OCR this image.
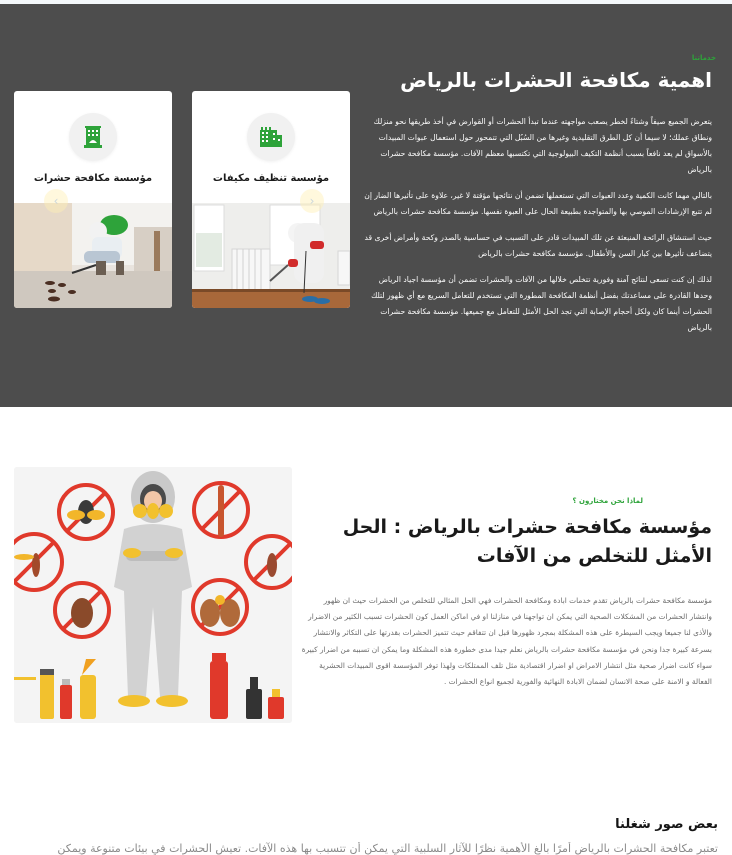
خدماتنا
اهمية مكافحة الحشرات بالرياض

يتعرض الجميع صيفاً وشتاءً لخطر يصعب مواجهته عندما تبدأ الحشرات أو القوارض في أخذ طريقها نحو منزلك ونطاق عملك؛ لا سيما أن كل الطرق التقليدية وغيرها من السُبُل التي تتمحور حول استعمال عبوات المبيدات بالأسواق لم يعد نافعاً بسبب أنظمة التكيف البيولوجية التي تكتسبها معظم الآفات. مؤسسة مكافحة حشرات بالرياض

بالتالي مهما كانت الكمية وعدد العبوات التي تستعملها تضمن أن نتائجها مؤقتة لا غير، علاوة على تأثيرها الضار إن لم تتبع الإرشادات الموصي بها والمتواجدة بطبيعة الحال على العبوة نفسها. مؤسسة مكافحة حشرات بالرياض

حيث استنشاق الرائحة المنبعثة عن تلك المبيدات قادر على التسبب في حساسية بالصدر وكحة وأمراض أخرى قد يتضاعف تأثيرها بين كبار السن والأطفال. مؤسسة مكافحة حشرات بالرياض

لذلك إن كنت تسعى لنتائج آمنة وفورية تتخلص خلالها من الآفات والحشرات تضمن أن مؤسسة اجياد الرياض وحدها القادرة على مساعدتك بفضل أنظمة المكافحة المطورة التي تستخدم للتعامل السريع مع أي ظهور لتلك الحشرات أينما كان ولكل أحجام الإصابة التي تجد الحل الأمثل للتعامل مع جميعها. مؤسسة مكافحة حشرات بالرياض

مؤسسة مكافحة حشرات
‹
مؤسسة تنظيف مكيفات
›
لماذا نحن مختارون ؟
مؤسسة مكافحة حشرات بالرياض : الحل الأمثل للتخلص من الآفات

مؤسسة مكافحة حشرات بالرياض تقدم خدمات ابادة ومكافحة الحشرات فهي الحل المثالي للتخلص من الحشرات حيث ان ظهور وانتشار الحشرات من المشكلات الصحية التي يمكن ان تواجهنا في منازلنا او في اماكن العمل كون الحشرات تسبب الكثير من الاضرار والأذى لنا جميعا ويجب السيطرة على هذه المشكلة بمجرد ظهورها قبل ان تتفاقم حيث تتميز الحشرات بقدرتها على التكاثر والانتشار بسرعة كبيرة جدا ونحن في مؤسسة مكافحة حشرات بالرياض نعلم جيدا مدى خطورة هذه المشكلة وما يمكن ان تسببه من اضرار كبيرة سواء كانت اضرار صحية مثل انتشار الامراض او اضرار اقتصادية مثل تلف الممتلكات ولهذا توفر المؤسسة اقوى المبيدات الحشرية الفعالة و الامنة على صحة الانسان لضمان الابادة النهائية والفورية لجميع انواع الحشرات .

بعض صور شغلنا

تعتبر مكافحة الحشرات بالرياض أمرًا بالغ الأهمية نظرًا للآثار السلبية التي يمكن أن تتسبب بها هذه الآفات. تعيش الحشرات في بيئات متنوعة ويمكن
